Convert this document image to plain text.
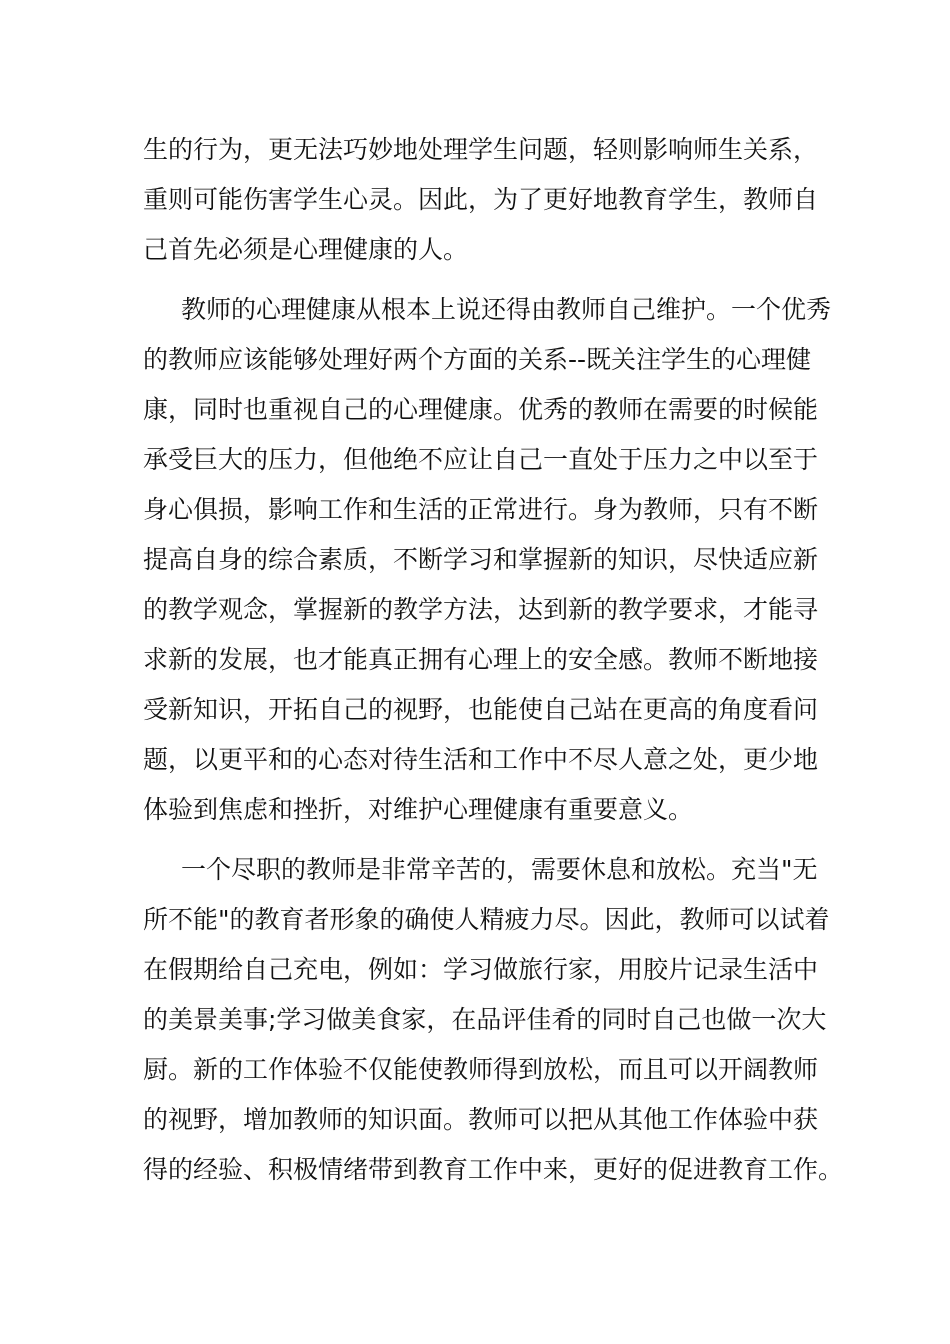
生的行为，更无法巧妙地处理学生问题，轻则影响师生关系，
重则可能伤害学生心灵。因此，为了更好地教育学生，教师自
己首先必须是心理健康的人。
教师的心理健康从根本上说还得由教师自己维护。一个优秀
的教师应该能够处理好两个方面的关系--既关注学生的心理健
康，同时也重视自己的心理健康。优秀的教师在需要的时候能
承受巨大的压力，但他绝不应让自己一直处于压力之中以至于
身心俱损，影响工作和生活的正常进行。身为教师，只有不断
提高自身的综合素质，不断学习和掌握新的知识，尽快适应新
的教学观念，掌握新的教学方法，达到新的教学要求，才能寻
求新的发展，也才能真正拥有心理上的安全感。教师不断地接
受新知识，开拓自己的视野，也能使自己站在更高的角度看问
题，以更平和的心态对待生活和工作中不尽人意之处，更少地
体验到焦虑和挫折，对维护心理健康有重要意义。
一个尽职的教师是非常辛苦的，需要休息和放松。充当"无
所不能"的教育者形象的确使人精疲力尽。因此，教师可以试着
在假期给自己充电，例如：学习做旅行家，用胶片记录生活中
的美景美事;学习做美食家，在品评佳肴的同时自己也做一次大
厨。新的工作体验不仅能使教师得到放松，而且可以开阔教师
的视野，增加教师的知识面。教师可以把从其他工作体验中获
得的经验、积极情绪带到教育工作中来，更好的促进教育工作。
